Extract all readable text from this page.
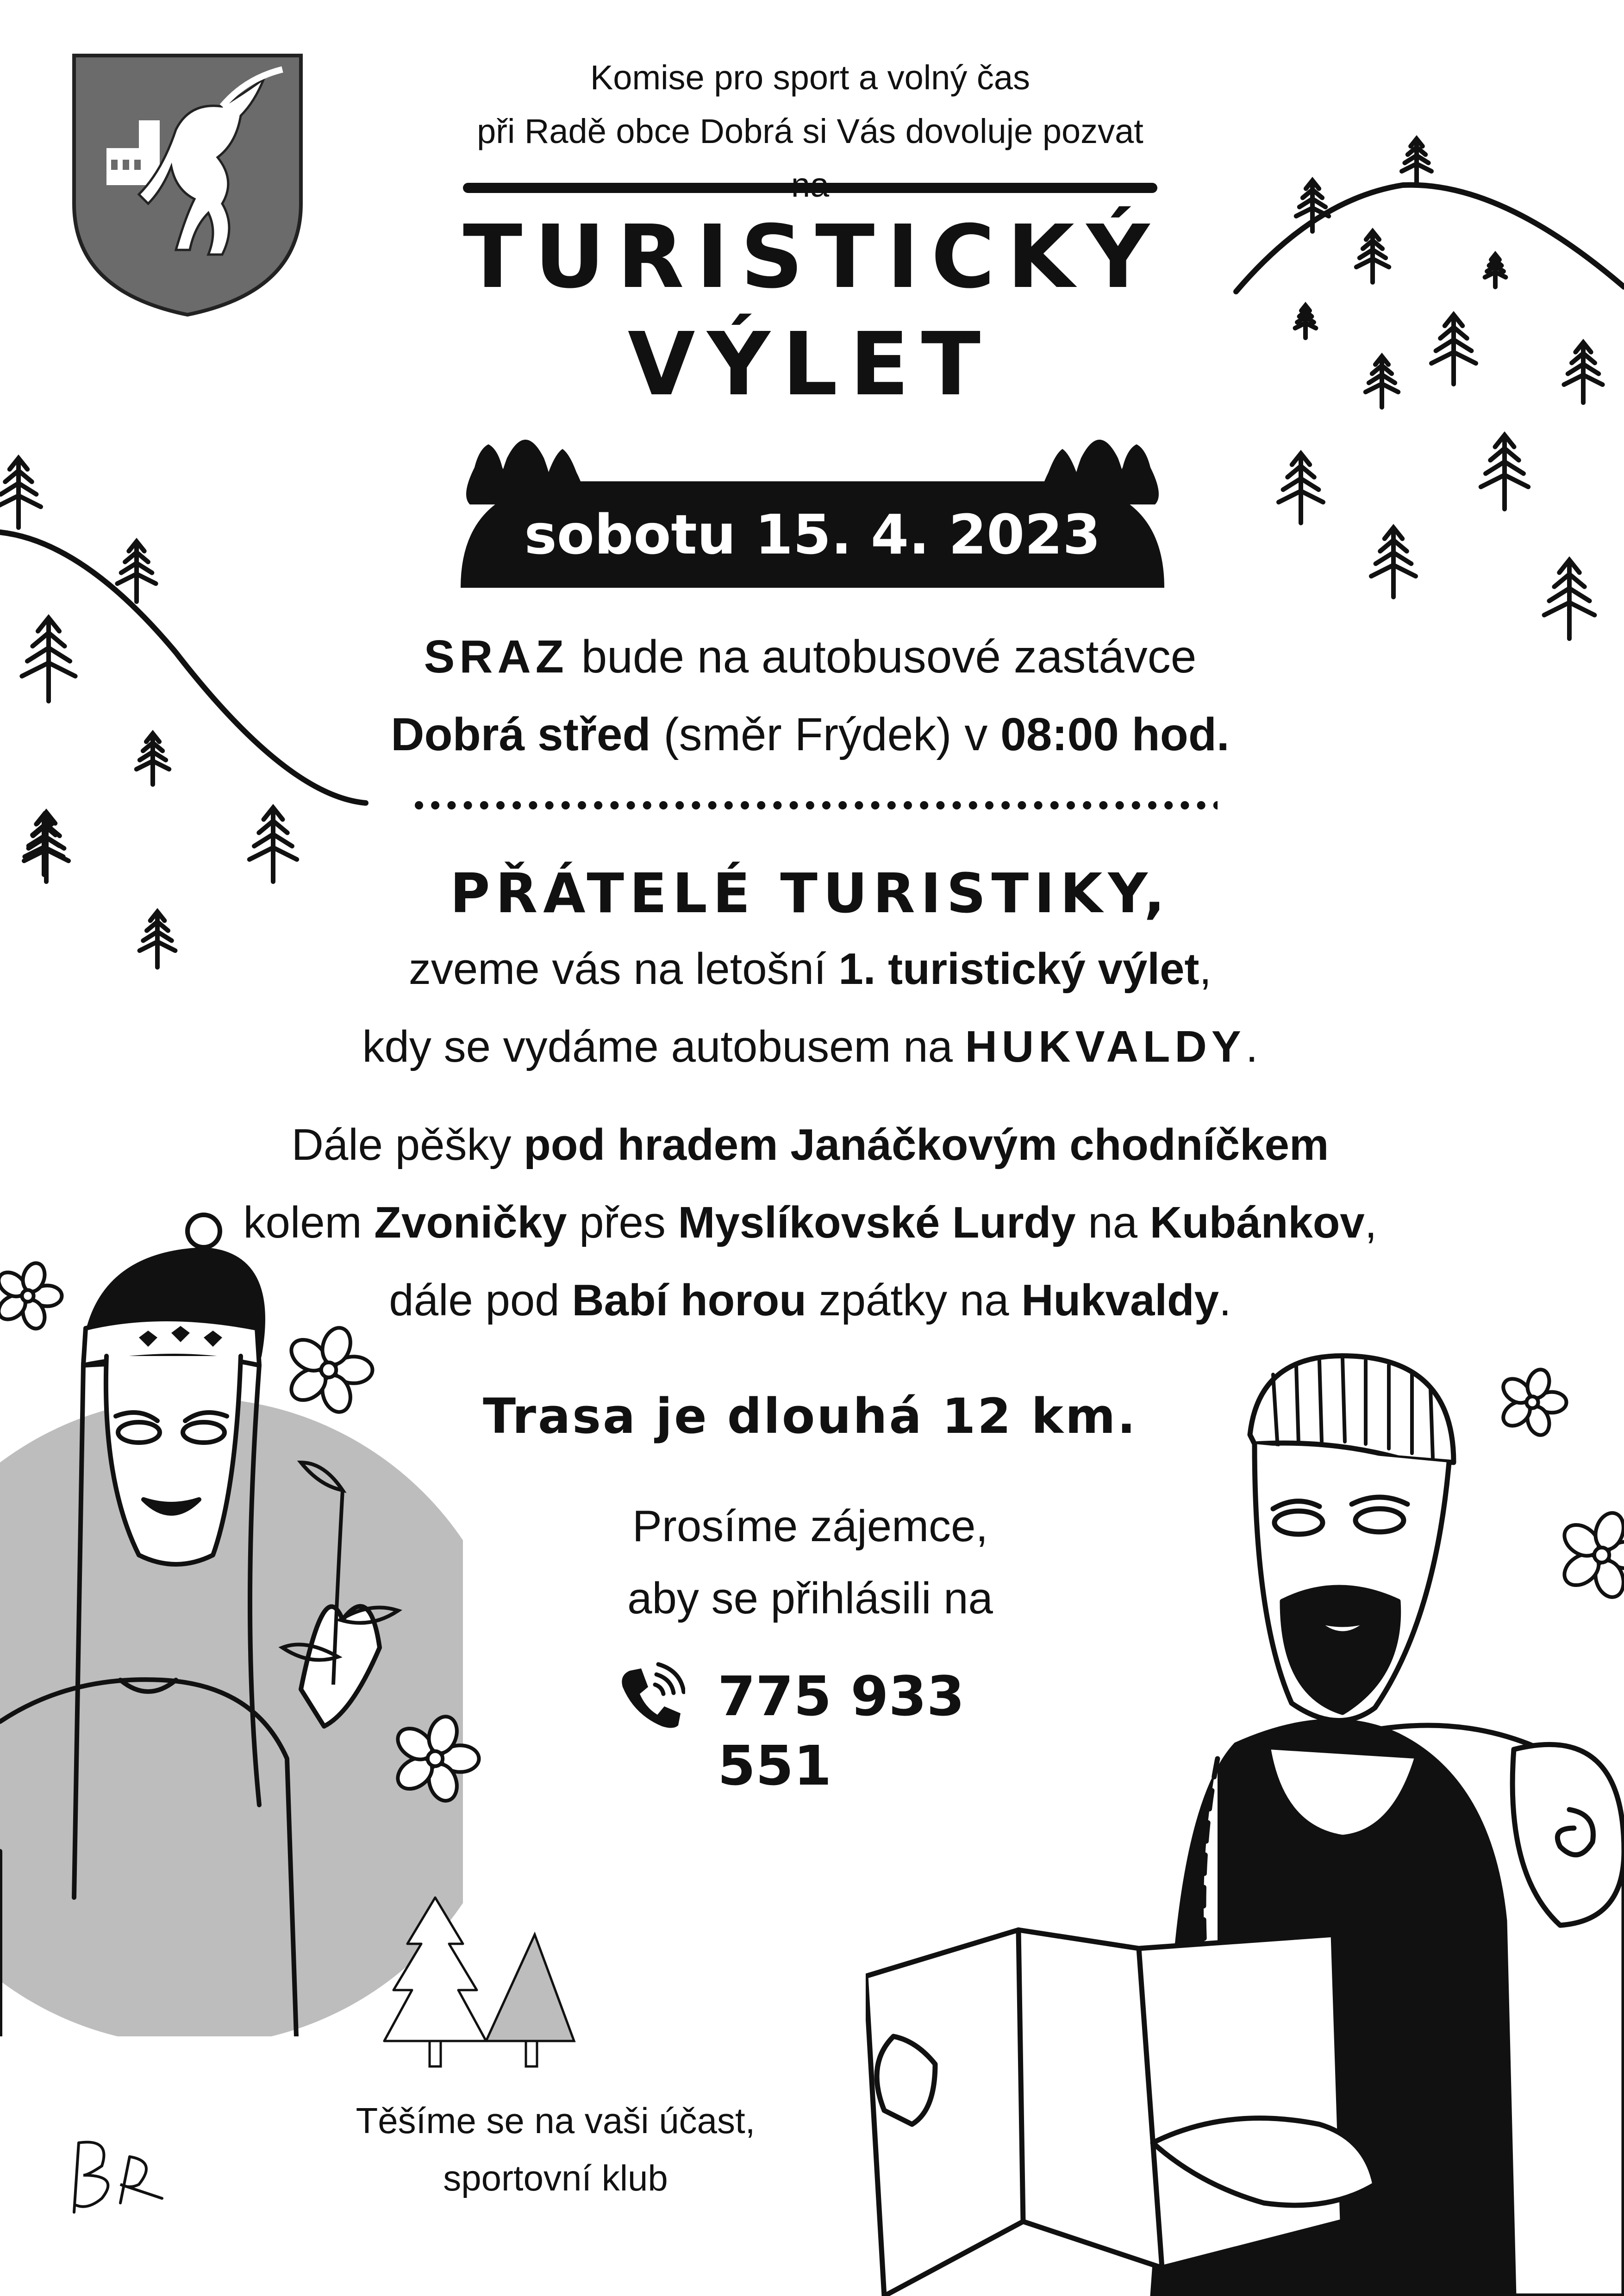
Komise pro sport a volný čas
při Radě obce Dobrá si Vás dovoluje pozvat
TURISTICKÝ
VÝLET
sobotu 15. 4. 2023
SRAZ bude na autobusové zastávce
Dobrá střed (směr Frýdek) v 08:00 hod.
PŘÁTELÉ TURISTIKY,
zveme vás na letošní 1. turistický výlet,
kdy se vydáme autobusem na HUKVALDY.
Dále pěšky pod hradem Janáčkovým chodníčkem
kolem Zvoničky přes Myslíkovské Lurdy na Kubánkov,
dále pod Babí horou zpátky na Hukvaldy.
Trasa je dlouhá 12 km.
Prosíme zájemce,
aby se přihlásili na
775 933 551
Těšíme se na vaši účast,
sportovní klub
